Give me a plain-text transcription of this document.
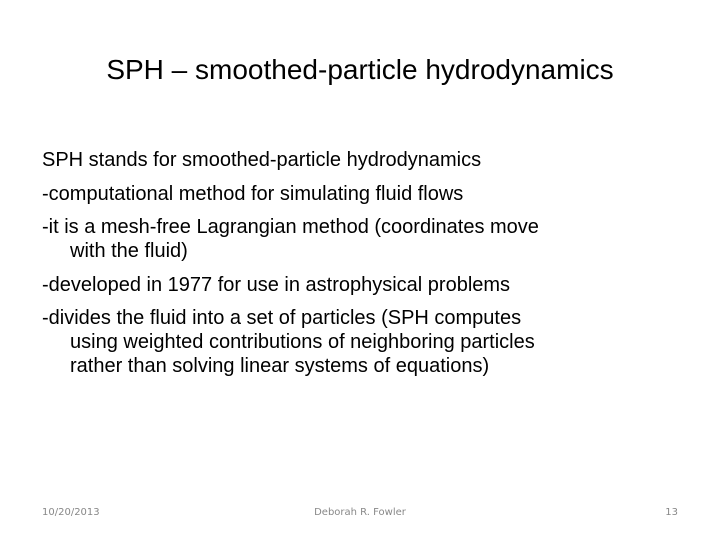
SPH – smoothed-particle hydrodynamics
SPH stands for smoothed-particle hydrodynamics
-computational method for simulating fluid flows
-it is a mesh-free Lagrangian method (coordinates move
with the fluid)
-developed in 1977 for use in astrophysical problems
-divides the fluid into a set of particles (SPH computes
using weighted contributions of neighboring particles
rather than solving linear systems of equations)
10/20/2013	Deborah R. Fowler	13
